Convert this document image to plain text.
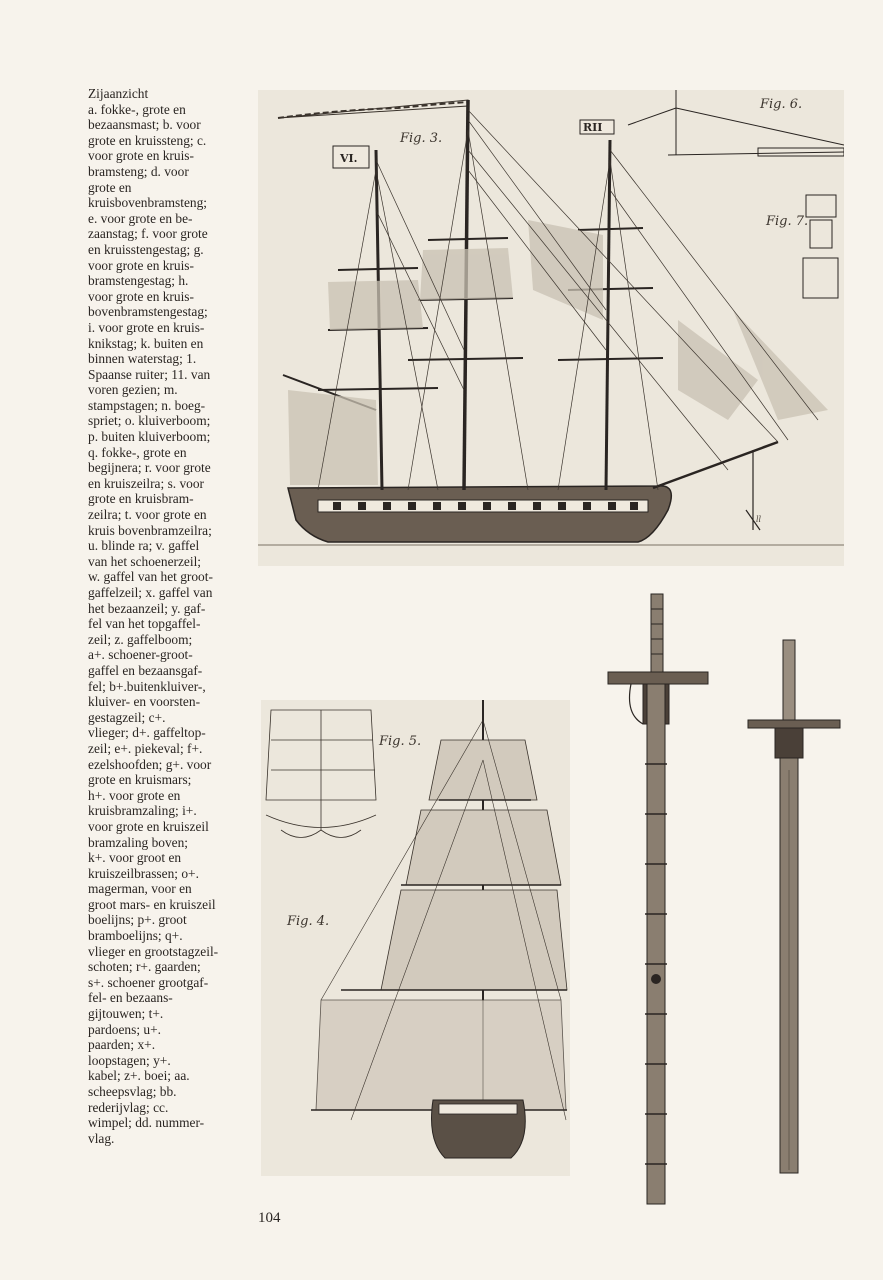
Zijaanzicht
a. fokke-, grote en
bezaansmast; b. voor
grote en kruissteng; c.
voor grote en kruis-
bramsteng; d. voor
grote en
kruisbovenbramsteng;
e. voor grote en be-
zaanstag; f. voor grote
en kruisstengestag; g.
voor grote en kruis-
bramstengestag; h.
voor grote en kruis-
bovenbramstengestag;
i. voor grote en kruis-
knikstag; k. buiten en
binnen waterstag; 1.
Spaanse ruiter; 11. van
voren gezien; m.
stampstagen; n. boeg-
spriet; o. kluiverboom;
p. buiten kluiverboom;
q. fokke-, grote en
begijnera; r. voor grote
en kruiszeilra; s. voor
grote en kruisbram-
zeilra; t. voor grote en
kruis bovenbramzeilra;
u. blinde ra; v. gaffel
van het schoenerzeil;
w. gaffel van het groot-
gaffelzeil; x. gaffel van
het bezaanzeil; y. gaf-
fel van het topgaffel-
zeil; z. gaffelboom;
a+. schoener-groot-
gaffel en bezaansgaf-
fel; b+.buitenkluiver-,
kluiver- en voorsten-
gestagzeil; c+.
vlieger; d+. gaffeltop-
zeil; e+. piekeval; f+.
ezelshoofden; g+. voor
grote en kruismars;
h+. voor grote en
kruisbramzaling; i+.
voor grote en kruiszeil
bramzaling boven;
k+. voor groot en
kruiszeilbrassen; o+.
magerman, voor en
groot mars- en kruiszeil
boelijns; p+. groot
bramboelijns; q+.
vlieger en grootstagzeil-
schoten; r+. gaarden;
s+. schoener grootgaf-
fel- en bezaans-
gijtouwen; t+.
pardoens; u+.
paarden; x+.
loopstagen; y+.
kabel; z+. boei; aa.
scheepsvlag; bb.
rederijvlag; cc.
wimpel; dd. nummer-
vlag.
VI.
RII
Fig. 3.
Fig. 6.
Fig. 7.
ll
Fig. 5.
Fig. 4.
104
